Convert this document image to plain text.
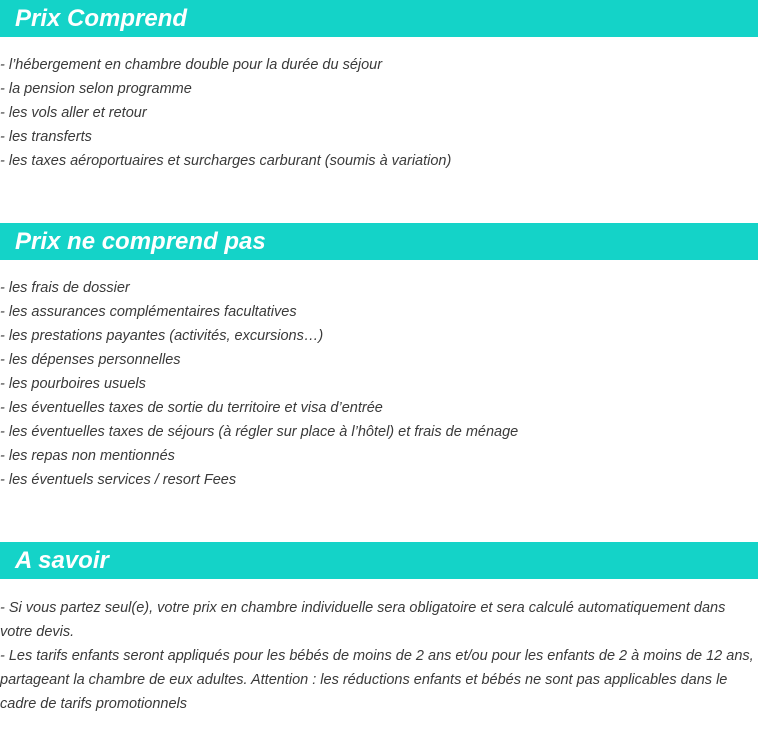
Prix Comprend
- l’hébergement en chambre double pour la durée du séjour
- la pension selon programme
- les vols aller et retour
- les transferts
- les taxes aéroportuaires et surcharges carburant (soumis à variation)
Prix ne comprend pas
- les frais de dossier
- les assurances complémentaires facultatives
- les prestations payantes (activités, excursions…)
- les dépenses personnelles
- les pourboires usuels
- les éventuelles taxes de sortie du territoire et visa d’entrée
- les éventuelles taxes de séjours (à régler sur place à l’hôtel) et frais de ménage
- les repas non mentionnés
- les éventuels services / resort Fees
A savoir

- Si vous partez seul(e), votre prix en chambre individuelle sera obligatoire et sera calculé automatiquement dans votre devis.

- Les tarifs enfants seront appliqués pour les bébés de moins de 2 ans et/ou pour les enfants de 2 à moins de 12 ans, partageant la chambre de eux adultes. Attention : les réductions enfants et bébés ne sont pas applicables dans le cadre de tarifs promotionnels
